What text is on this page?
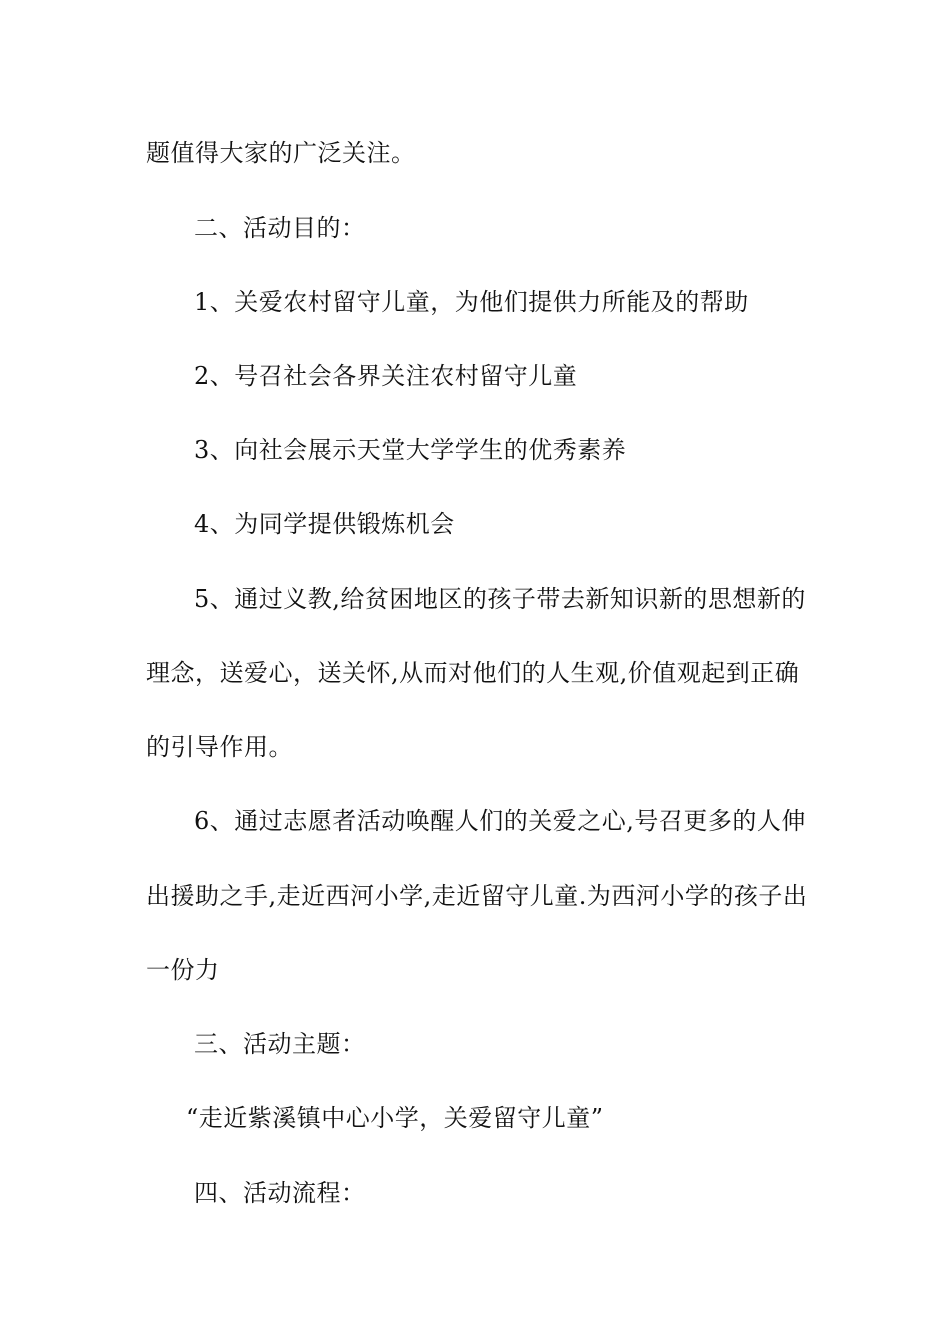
题值得大家的广泛关注。

二、活动目的：

1、关爱农村留守儿童，为他们提供力所能及的帮助

2、号召社会各界关注农村留守儿童

3、向社会展示天堂大学学生的优秀素养

4、为同学提供锻炼机会

5、通过义教,给贫困地区的孩子带去新知识新的思想新的

理念，送爱心，送关怀,从而对他们的人生观,价值观起到正确

的引导作用。

6、通过志愿者活动唤醒人们的关爱之心,号召更多的人伸

出援助之手,走近西河小学,走近留守儿童.为西河小学的孩子出

一份力

三、活动主题：

“走近紫溪镇中心小学，关爱留守儿童”

四、活动流程：
